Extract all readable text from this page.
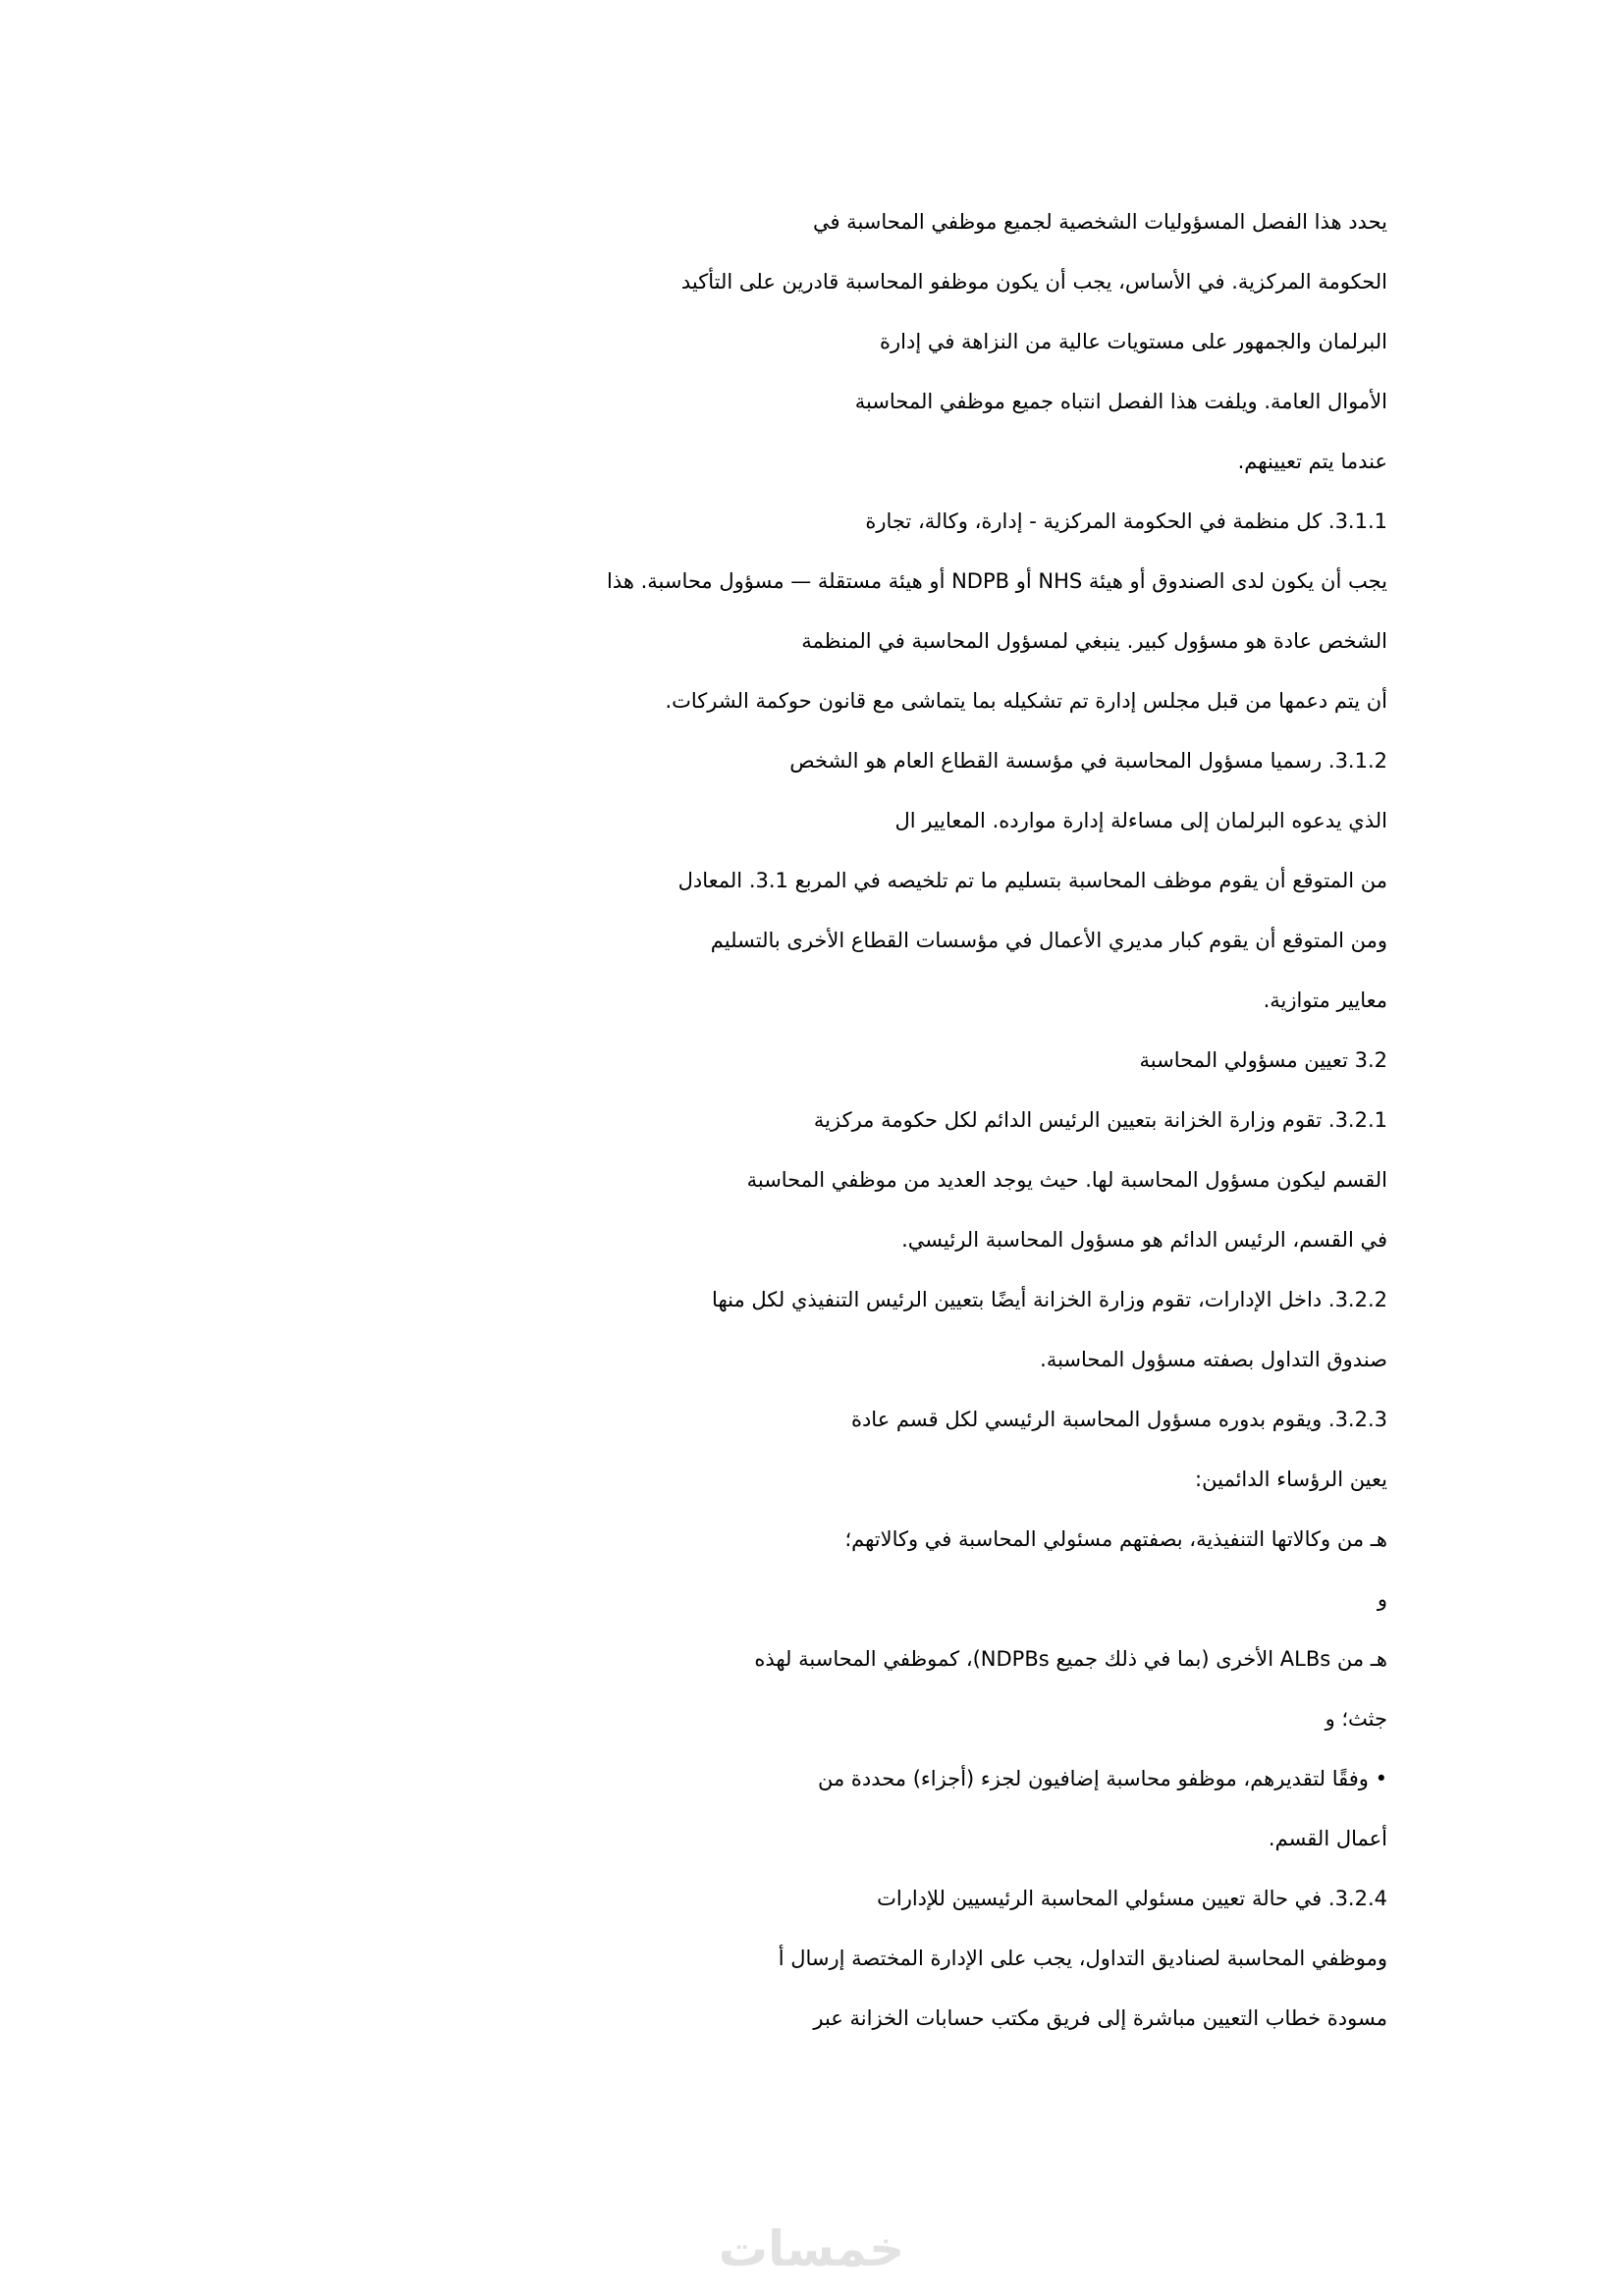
يحدد هذا الفصل المسؤوليات الشخصية لجميع موظفي المحاسبة في
الحكومة المركزية. في الأساس، يجب أن يكون موظفو المحاسبة قادرين على التأكيد
البرلمان والجمهور على مستويات عالية من النزاهة في إدارة
الأموال العامة. ويلفت هذا الفصل انتباه جميع موظفي المحاسبة
عندما يتم تعيينهم.
3.1.1. كل منظمة في الحكومة المركزية - إدارة، وكالة، تجارة
يجب أن يكون لدى الصندوق أو هيئة NHS أو NDPB أو هيئة مستقلة — مسؤول محاسبة. هذا
الشخص عادة هو مسؤول كبير. ينبغي لمسؤول المحاسبة في المنظمة
أن يتم دعمها من قبل مجلس إدارة تم تشكيله بما يتماشى مع قانون حوكمة الشركات.
3.1.2. رسميا مسؤول المحاسبة في مؤسسة القطاع العام هو الشخص
الذي يدعوه البرلمان إلى مساءلة إدارة موارده. المعايير ال
من المتوقع أن يقوم موظف المحاسبة بتسليم ما تم تلخيصه في المربع 3.1. المعادل
ومن المتوقع أن يقوم كبار مديري الأعمال في مؤسسات القطاع الأخرى بالتسليم
معايير متوازية.
3.2 تعيين مسؤولي المحاسبة
3.2.1. تقوم وزارة الخزانة بتعيين الرئيس الدائم لكل حكومة مركزية
القسم ليكون مسؤول المحاسبة لها. حيث يوجد العديد من موظفي المحاسبة
في القسم، الرئيس الدائم هو مسؤول المحاسبة الرئيسي.
3.2.2. داخل الإدارات، تقوم وزارة الخزانة أيضًا بتعيين الرئيس التنفيذي لكل منها
صندوق التداول بصفته مسؤول المحاسبة.
3.2.3. ويقوم بدوره مسؤول المحاسبة الرئيسي لكل قسم عادة
يعين الرؤساء الدائمين:
هـ من وكالاتها التنفيذية، بصفتهم مسئولي المحاسبة في وكالاتهم؛
و
هـ من ALBs الأخرى (بما في ذلك جميع NDPBs)، كموظفي المحاسبة لهذه
جثث؛ و
• وفقًا لتقديرهم، موظفو محاسبة إضافيون لجزء (أجزاء) محددة من
أعمال القسم.
3.2.4. في حالة تعيين مسئولي المحاسبة الرئيسيين للإدارات
وموظفي المحاسبة لصناديق التداول، يجب على الإدارة المختصة إرسال أ
مسودة خطاب التعيين مباشرة إلى فريق مكتب حسابات الخزانة عبر
خمسات
